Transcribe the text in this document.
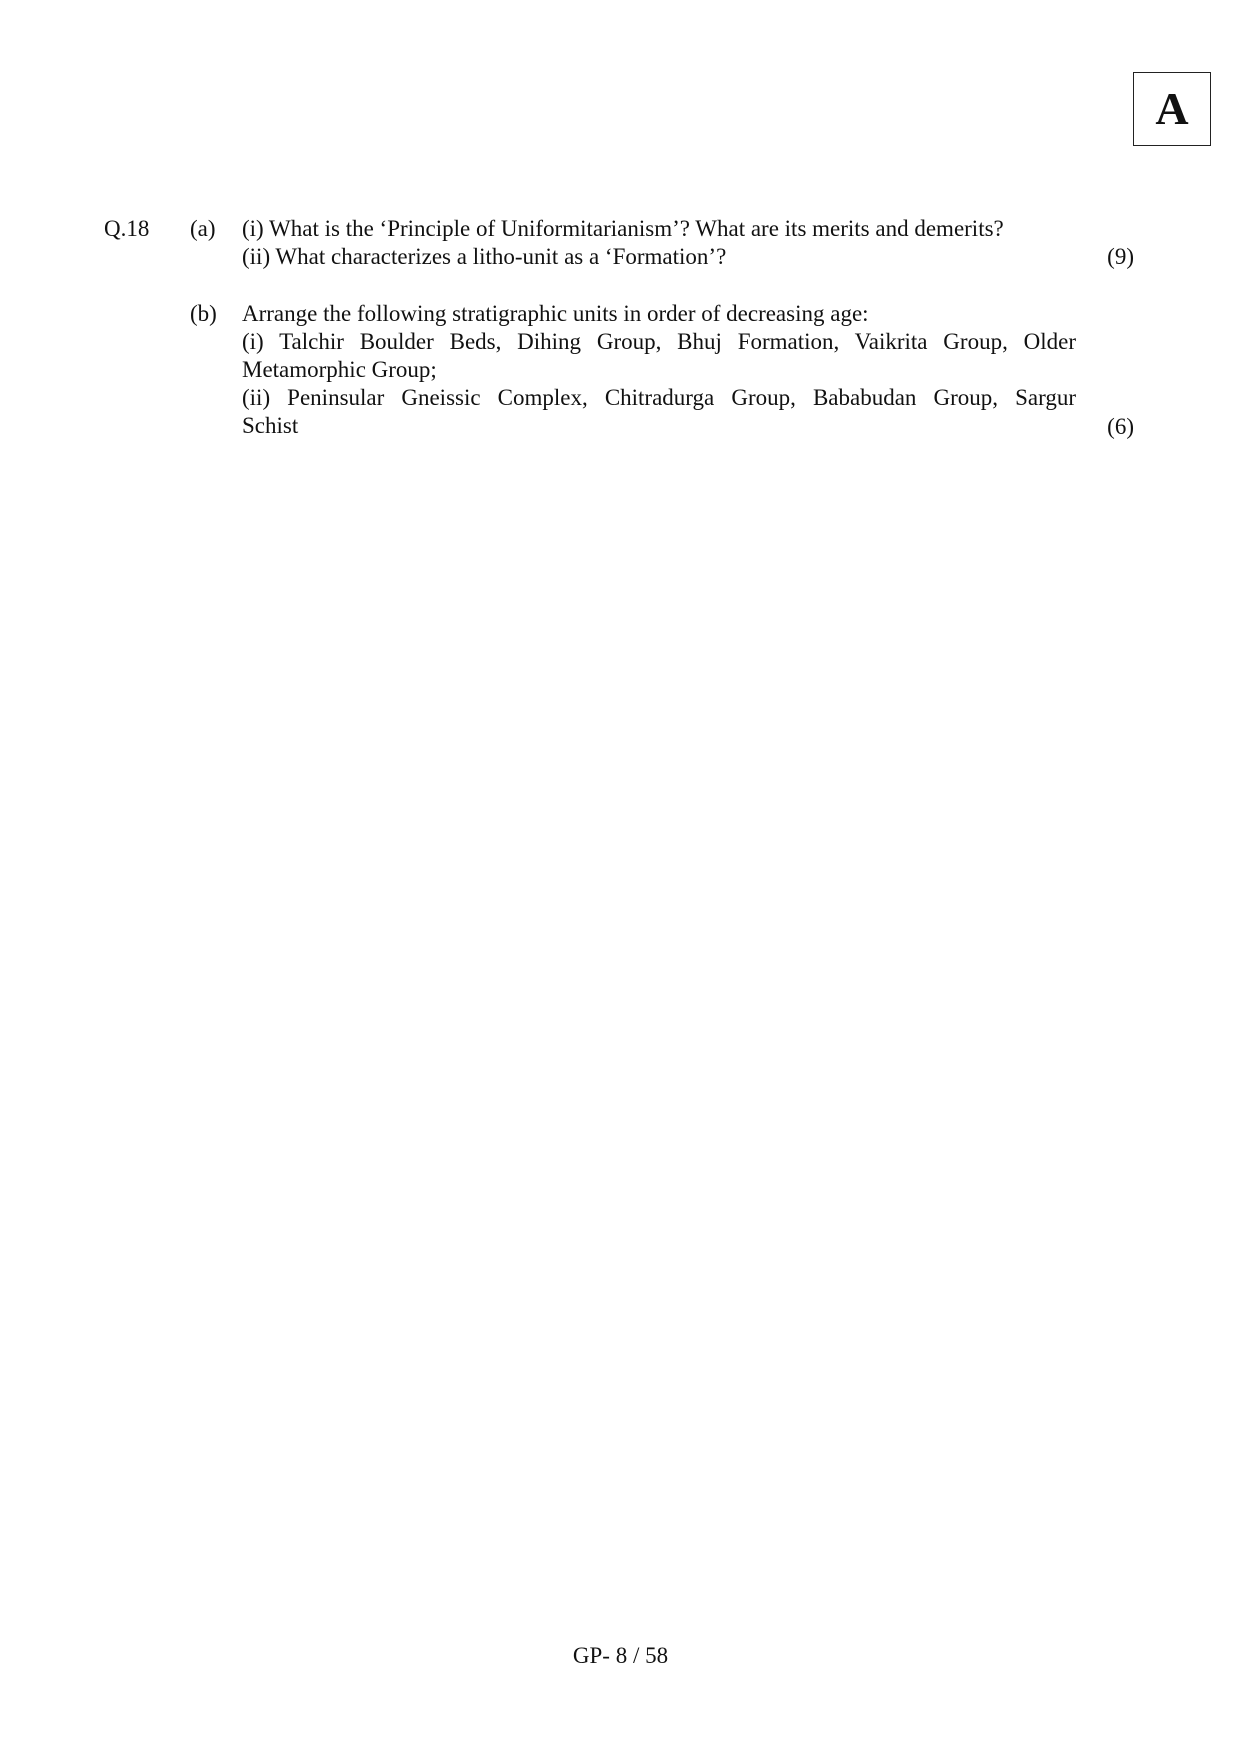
A
Q.18 (a) (i) What is the ‘Principle of Uniformitarianism’? What are its merits and demerits?
(ii) What characterizes a litho-unit as a ‘Formation’?	(9)
(b) Arrange the following stratigraphic units in order of decreasing age:
(i) Talchir Boulder Beds, Dihing Group, Bhuj Formation, Vaikrita Group, Older
Metamorphic Group;
(ii) Peninsular Gneissic Complex, Chitradurga Group, Bababudan Group, Sargur
Schist	(6)
GP- 8 / 58
